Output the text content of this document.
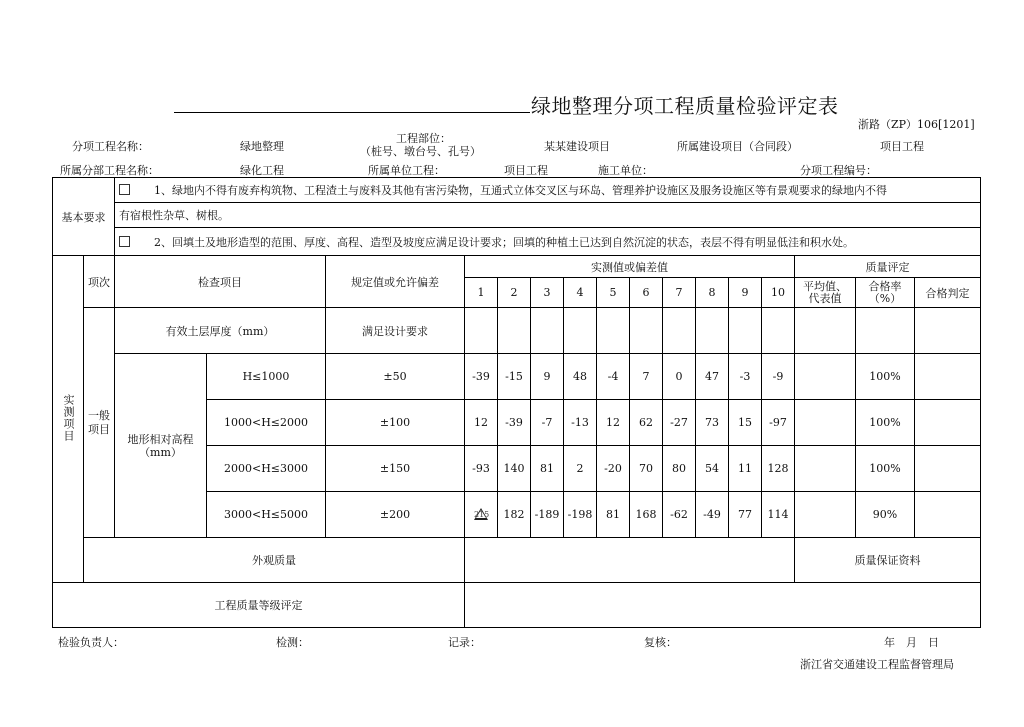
绿地整理分项工程质量检验评定表
浙路（ZP）106[1201]
分项工程名称：	绿地整理
工程部位：
（桩号、墩台号、孔号）	某某建设项目	所属建设项目（合同段）	项目工程
所属分部工程名称：	绿化工程	所属单位工程：	项目工程	施工单位：	分项工程编号：
基本要求		1、绿地内不得有废弃构筑物、工程渣土与废料及其他有害污染物，互通式立体交叉区与环岛、管理养护设施区及服务设施区等有景观要求的绿地内不得															
		有宿根性杂草、树根。															
		2、回填土及地形造型的范围、厚度、高程、造型及坡度应满足设计要求；回填的种植土已达到自然沉淀的状态，表层不得有明显低洼和积水处。															
实测项目	项次	检查项目		规定值或允许偏差	实测值或偏差值										质量评定		
					1	2	3	4	5	6	7	8	9	10	平均值、代表值	合格率（%）	合格判定
	一般项目	有效土层厚度（mm）		满足设计要求													
		地形相对高程
（mm）	H≤1000	±50	-39	-15	9	48	-4	7	0	47	-3	-9		100%	
			1000<H≤2000	±100	12	-39	-7	-13	12	62	-27	73	15	-97		100%	
			2000<H≤3000	±150	-93	140	81	2	-20	70	80	54	11	128		100%	
			3000<H≤5000	±200	215	182	-189	-198	81	168	-62	-49	77	114		90%	
	外观质量														质量保证资料		
工程质量等级评定																	
检验负责人：	检测：	记录：	复核：	年　月　日
浙江省交通建设工程监督管理局
